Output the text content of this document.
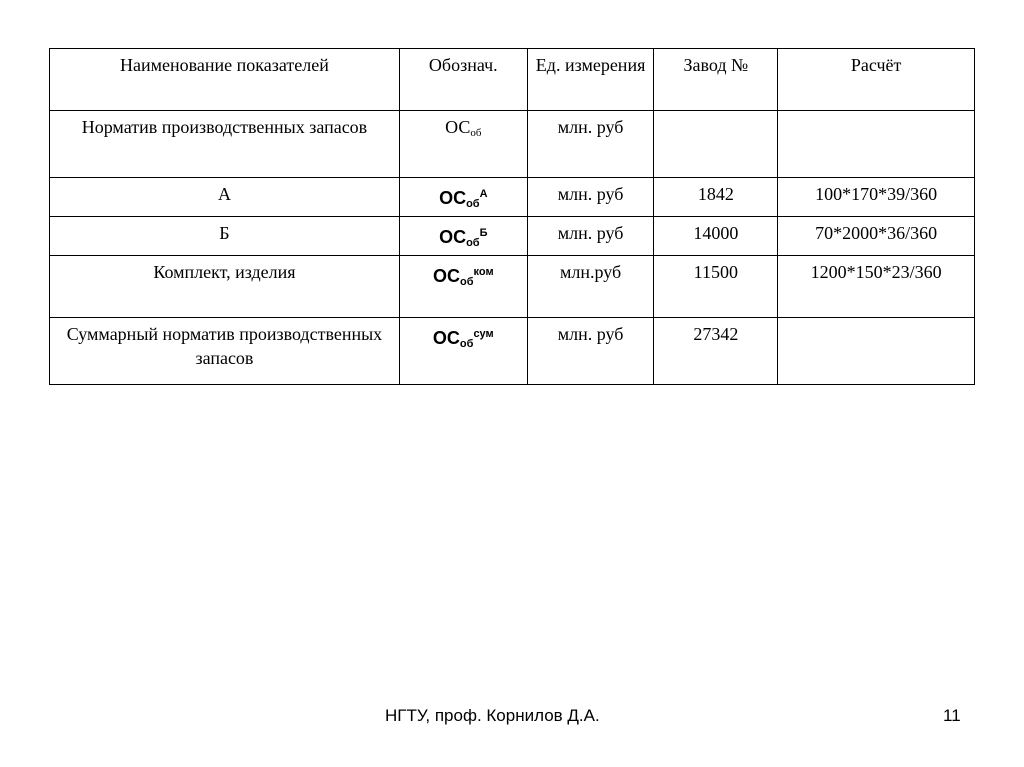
Наименование показателей	Обознач.	Ед. измерения	Завод №	Расчёт
Норматив производственных запасов	$ОС_{об}$	млн. руб		
А	$ОС_{об}^А$	млн. руб	1842	100*170*39/360
Б	$ОС_{об}^Б$	млн. руб	14000	70*2000*36/360
Комплект, изделия	$ОС_{об}^{ком}$	млн.руб	11500	1200*150*23/360
Суммарный норматив производственных запасов	$ОС_{об}^{сум}$	млн. руб	27342	
НГТУ, проф. Корнилов Д.А.	11
